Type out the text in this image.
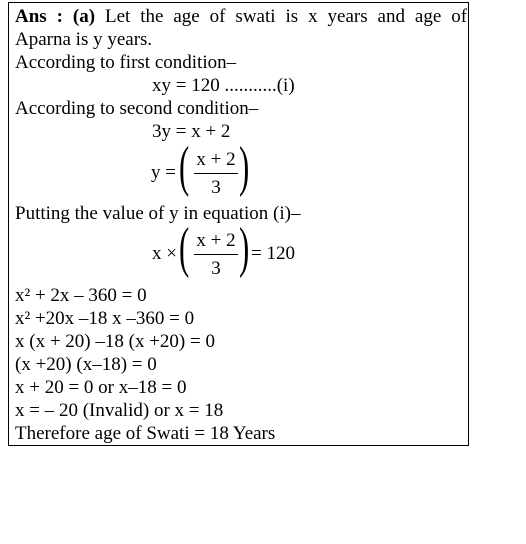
Ans : (a) Let the age of swati is x years and age of
Aparna is y years.
According to first condition–
xy = 120 ...........(i)
According to second condition–
3y = x + 2
y = ( x + 2
3 )
Putting the value of y in equation (i)–
x × ( x + 2
3 ) = 120
x² + 2x – 360 = 0
x² +20x –18 x –360 = 0
x (x + 20) –18 (x +20) = 0
(x +20) (x–18) = 0
x + 20 = 0 or x–18 = 0
x = – 20 (Invalid) or x = 18
Therefore age of Swati = 18 Years
